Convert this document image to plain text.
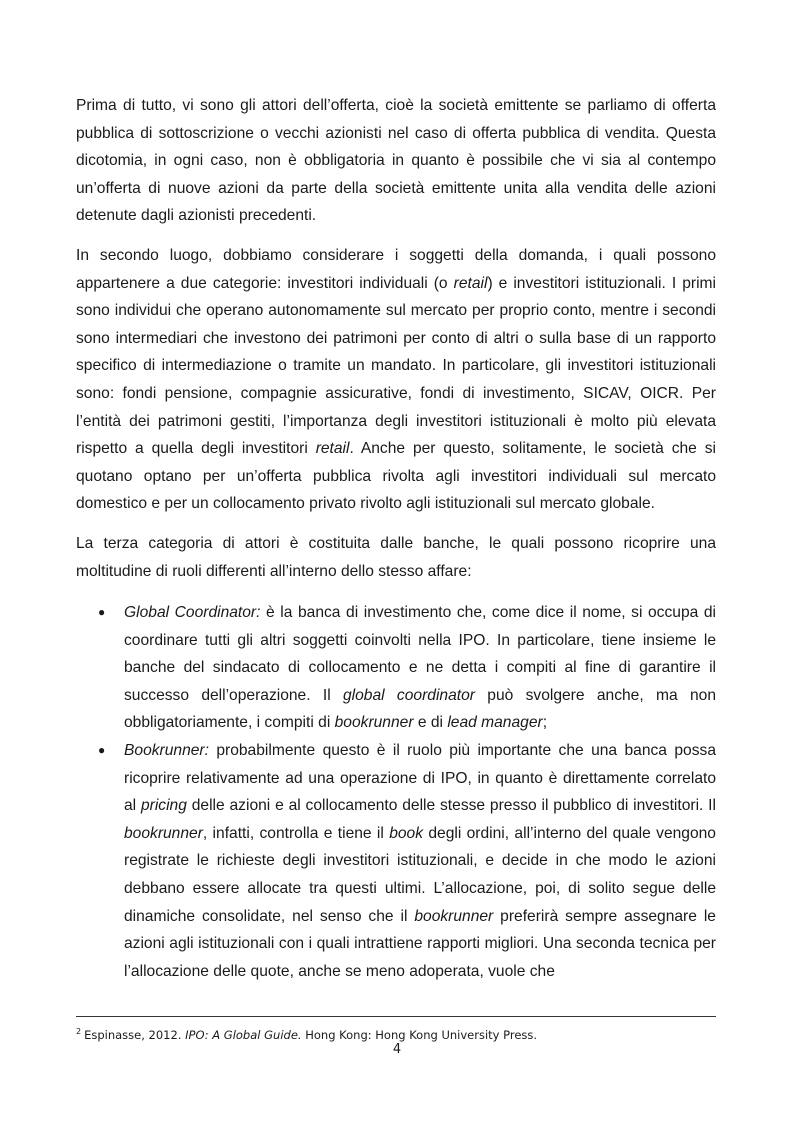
Prima di tutto, vi sono gli attori dell’offerta, cioè la società emittente se parliamo di offerta pubblica di sottoscrizione o vecchi azionisti nel caso di offerta pubblica di vendita. Questa dicotomia, in ogni caso, non è obbligatoria in quanto è possibile che vi sia al contempo un’offerta di nuove azioni da parte della società emittente unita alla vendita delle azioni detenute dagli azionisti precedenti.

In secondo luogo, dobbiamo considerare i soggetti della domanda, i quali possono appartenere a due categorie: investitori individuali (o retail) e investitori istituzionali. I primi sono individui che operano autonomamente sul mercato per proprio conto, mentre i secondi sono intermediari che investono dei patrimoni per conto di altri o sulla base di un rapporto specifico di intermediazione o tramite un mandato. In particolare, gli investitori istituzionali sono: fondi pensione, compagnie assicurative, fondi di investimento, SICAV, OICR. Per l’entità dei patrimoni gestiti, l’importanza degli investitori istituzionali è molto più elevata rispetto a quella degli investitori retail. Anche per questo, solitamente, le società che si quotano optano per un’offerta pubblica rivolta agli investitori individuali sul mercato domestico e per un collocamento privato rivolto agli istituzionali sul mercato globale.

La terza categoria di attori è costituita dalle banche, le quali possono ricoprire una moltitudine di ruoli differenti all’interno dello stesso affare:

● Global Coordinator: è la banca di investimento che, come dice il nome, si occupa di coordinare tutti gli altri soggetti coinvolti nella IPO. In particolare, tiene insieme le banche del sindacato di collocamento e ne detta i compiti al fine di garantire il successo dell’operazione. Il global coordinator può svolgere anche, ma non obbligatoriamente, i compiti di bookrunner e di lead manager;

● Bookrunner: probabilmente questo è il ruolo più importante che una banca possa ricoprire relativamente ad una operazione di IPO, in quanto è direttamente correlato al pricing delle azioni e al collocamento delle stesse presso il pubblico di investitori. Il bookrunner, infatti, controlla e tiene il book degli ordini, all’interno del quale vengono registrate le richieste degli investitori istituzionali, e decide in che modo le azioni debbano essere allocate tra questi ultimi. L’allocazione, poi, di solito segue delle dinamiche consolidate, nel senso che il bookrunner preferirà sempre assegnare le azioni agli istituzionali con i quali intrattiene rapporti migliori. Una seconda tecnica per l’allocazione delle quote, anche se meno adoperata, vuole che

$^2$ Espinasse, 2012. IPO: A Global Guide. Hong Kong: Hong Kong University Press.
4
